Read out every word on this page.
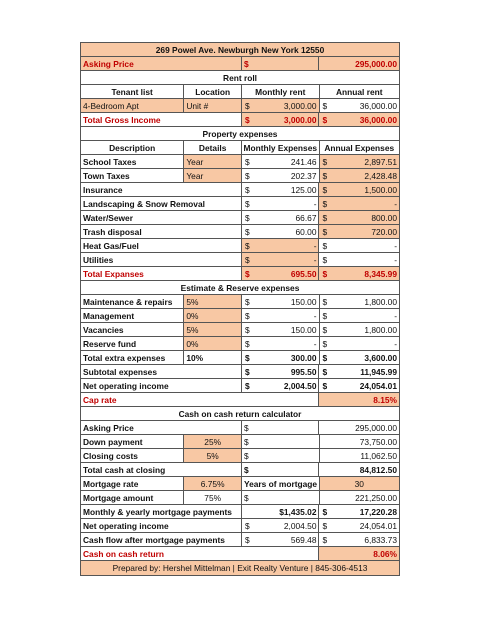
269 Powel Ave. Newburgh New York 12550
Asking Price	$	295,000.00
Rent roll
Tenant list	Location	Monthly rent	Annual rent
4-Bedroom Apt	Unit #	$	3,000.00 $	36,000.00
Total Gross Income	$	3,000.00 $	36,000.00
Property expenses
Description	Details	Monthly Expenses Annual Expenses
School Taxes	Year	$	241.46 $	2,897.51
Town Taxes	Year	$	202.37 $	2,428.48
Insurance	$	125.00 $	1,500.00
Landscaping & Snow Removal	$	- $	-
Water/Sewer	$	66.67 $	800.00
Trash disposal	$	60.00 $	720.00
Heat Gas/Fuel	$	- $	-
Utilities	$	- $	-
Total Expanses	$	695.50 $	8,345.99
Estimate & Reserve expenses
Maintenance & repairs	5%	$	150.00 $	1,800.00
Management	0%	$	- $	-
Vacancies	5%	$	150.00 $	1,800.00
Reserve fund	0%	$	- $	-
Total extra expenses	10%	$	300.00 $	3,600.00
Subtotal expenses	$	995.50 $	11,945.99
Net operating income	$	2,004.50 $	24,054.01
Cap rate	8.15%
Cash on cash return calculator
Asking Price	$	295,000.00
Down payment	25%	$	73,750.00
Closing costs	5%	$	11,062.50
Total cash at closing	$	84,812.50
Mortgage rate	6.75%	Years of mortgage	30
Mortgage amount	75%	$	221,250.00
Monthly & yearly mortgage payments	$1,435.02 $	17,220.28
Net operating income	$	2,004.50 $	24,054.01
Cash flow after mortgage payments	$	569.48 $	6,833.73
Cash on cash return	8.06%
Prepared by: Hershel Mittelman | Exit Realty Venture | 845-306-4513
